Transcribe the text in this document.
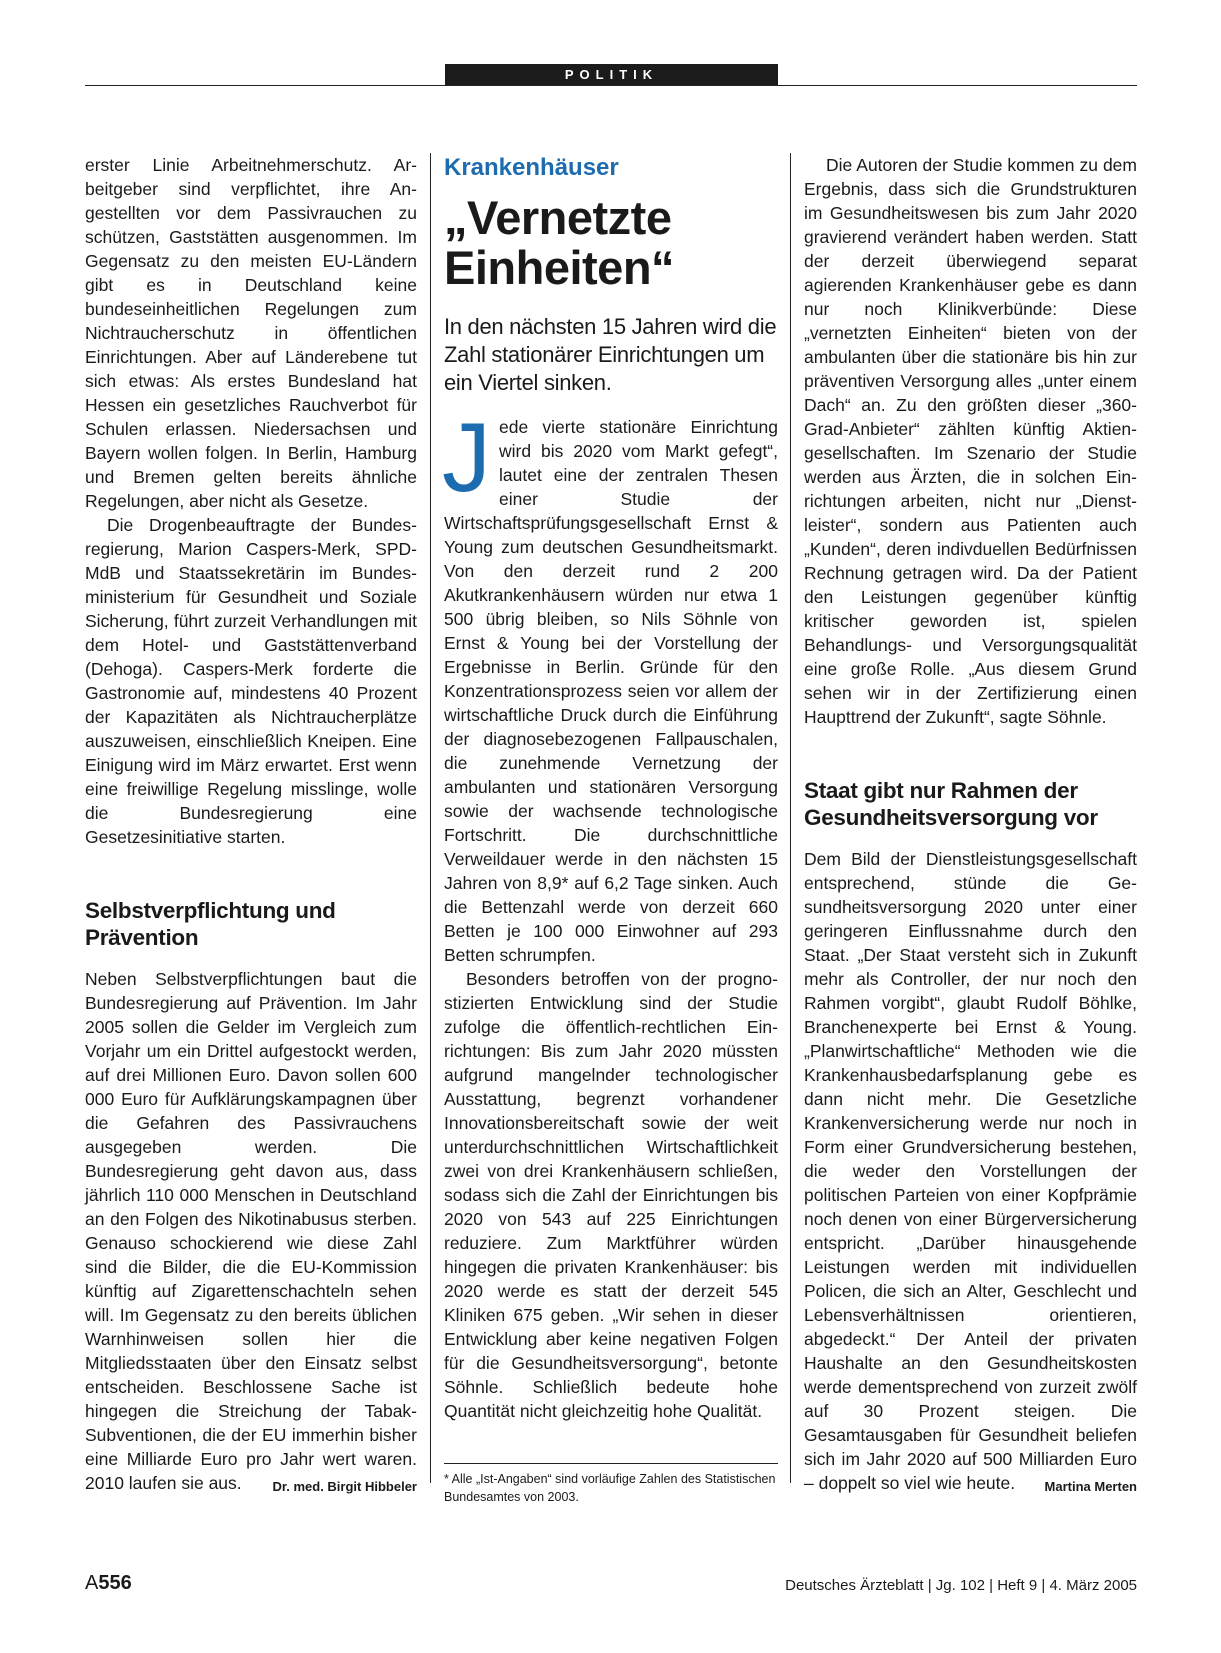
POLITIK

erster Linie Arbeitnehmerschutz. Arbeitgeber sind verpflichtet, ihre Angestellten vor dem Passivrauchen zu schützen, Gaststätten ausgenommen. Im Gegensatz zu den meisten EU-Ländern gibt es in Deutschland keine bundeseinheitlichen Regelungen zum Nichtraucherschutz in öffentlichen Einrichtungen. Aber auf Länderebene tut sich etwas: Als erstes Bundesland hat Hessen ein gesetzliches Rauchverbot für Schulen erlassen. Niedersachsen und Bayern wollen folgen. In Berlin, Hamburg und Bremen gelten bereits ähnliche Regelungen, aber nicht als Gesetze.

Die Drogenbeauftragte der Bundesregierung, Marion Caspers-Merk, SPD-MdB und Staatssekretärin im Bundesministerium für Gesundheit und Soziale Sicherung, führt zurzeit Verhandlungen mit dem Hotel- und Gaststättenverband (Dehoga). Caspers-Merk forderte die Gastronomie auf, mindestens 40 Prozent der Kapazitäten als Nichtraucherplätze auszuweisen, einschließlich Kneipen. Eine Einigung wird im März erwartet. Erst wenn eine freiwillige Regelung misslinge, wolle die Bundesregierung eine Gesetzesinitiative starten.

Selbstverpflichtung und Prävention

Neben Selbstverpflichtungen baut die Bundesregierung auf Prävention. Im Jahr 2005 sollen die Gelder im Vergleich zum Vorjahr um ein Drittel aufgestockt werden, auf drei Millionen Euro. Davon sollen 600 000 Euro für Aufklärungskampagnen über die Gefahren des Passivrauchens ausgegeben werden. Die Bundesregierung geht davon aus, dass jährlich 110 000 Menschen in Deutschland an den Folgen des Nikotinabusus sterben. Genauso schockierend wie diese Zahl sind die Bilder, die die EU-Kommission künftig auf Zigarettenschachteln sehen will. Im Gegensatz zu den bereits üblichen Warnhinweisen sollen hier die Mitgliedsstaaten über den Einsatz selbst entscheiden. Beschlossene Sache ist hingegen die Streichung der Tabak-Subventionen, die der EU immerhin bisher eine Milliarde Euro pro Jahr wert waren. 2010 laufen sie aus. Dr. med. Birgit Hibbeler

Krankenhäuser
„Vernetzte Einheiten“

In den nächsten 15 Jahren wird die Zahl stationärer Einrichtungen um ein Viertel sinken.

Jede vierte stationäre Einrichtung wird bis 2020 vom Markt gefegt“, lautet eine der zentralen Thesen einer Studie der Wirtschaftsprüfungsgesellschaft Ernst & Young zum deutschen Gesundheitsmarkt. Von den derzeit rund 2 200 Akutkrankenhäusern würden nur etwa 1 500 übrig bleiben, so Nils Söhnle von Ernst & Young bei der Vorstellung der Ergebnisse in Berlin. Gründe für den Konzentrationsprozess seien vor allem der wirtschaftliche Druck durch die Einführung der diagnosebezogenen Fallpauschalen, die zunehmende Vernetzung der ambulanten und stationären Versorgung sowie der wachsende technologische Fortschritt. Die durchschnittliche Verweildauer werde in den nächsten 15 Jahren von 8,9* auf 6,2 Tage sinken. Auch die Bettenzahl werde von derzeit 660 Betten je 100 000 Einwohner auf 293 Betten schrumpfen.

Besonders betroffen von der prognostizierten Entwicklung sind der Studie zufolge die öffentlich-rechtlichen Einrichtungen: Bis zum Jahr 2020 müssten aufgrund mangelnder technologischer Ausstattung, begrenzt vorhandener Innovationsbereitschaft sowie der weit unterdurchschnittlichen Wirtschaftlichkeit zwei von drei Krankenhäusern schließen, sodass sich die Zahl der Einrichtungen bis 2020 von 543 auf 225 Einrichtungen reduziere. Zum Marktführer würden hingegen die privaten Krankenhäuser: bis 2020 werde es statt der derzeit 545 Kliniken 675 geben. „Wir sehen in dieser Entwicklung aber keine negativen Folgen für die Gesundheitsversorgung“, betonte Söhnle. Schließlich bedeute hohe Quantität nicht gleichzeitig hohe Qualität.

* Alle „Ist-Angaben“ sind vorläufige Zahlen des Statistischen Bundesamtes von 2003.

Die Autoren der Studie kommen zu dem Ergebnis, dass sich die Grundstrukturen im Gesundheitswesen bis zum Jahr 2020 gravierend verändert haben werden. Statt der derzeit überwiegend separat agierenden Krankenhäuser gebe es dann nur noch Klinikverbünde: Diese „vernetzten Einheiten“ bieten von der ambulanten über die stationäre bis hin zur präventiven Versorgung alles „unter einem Dach“ an. Zu den größten dieser „360-Grad-Anbieter“ zählten künftig Aktiengesellschaften. Im Szenario der Studie werden aus Ärzten, die in solchen Einrichtungen arbeiten, nicht nur „Dienstleister“, sondern aus Patienten auch „Kunden“, deren indivduellen Bedürfnissen Rechnung getragen wird. Da der Patient den Leistungen gegenüber künftig kritischer geworden ist, spielen Behandlungs- und Versorgungsqualität eine große Rolle. „Aus diesem Grund sehen wir in der Zertifizierung einen Haupttrend der Zukunft“, sagte Söhnle.

Staat gibt nur Rahmen der Gesundheitsversorgung vor

Dem Bild der Dienstleistungsgesellschaft entsprechend, stünde die Gesundheitsversorgung 2020 unter einer geringeren Einflussnahme durch den Staat. „Der Staat versteht sich in Zukunft mehr als Controller, der nur noch den Rahmen vorgibt“, glaubt Rudolf Böhlke, Branchenexperte bei Ernst & Young. „Planwirtschaftliche“ Methoden wie die Krankenhausbedarfsplanung gebe es dann nicht mehr. Die Gesetzliche Krankenversicherung werde nur noch in Form einer Grundversicherung bestehen, die weder den Vorstellungen der politischen Parteien von einer Kopfprämie noch denen von einer Bürgerversicherung entspricht. „Darüber hinausgehende Leistungen werden mit individuellen Policen, die sich an Alter, Geschlecht und Lebensverhältnissen orientieren, abgedeckt.“ Der Anteil der privaten Haushalte an den Gesundheitskosten werde dementsprechend von zurzeit zwölf auf 30 Prozent steigen. Die Gesamtausgaben für Gesundheit beliefen sich im Jahr 2020 auf 500 Milliarden Euro – doppelt so viel wie heute. Martina Merten

A556	Deutsches Ärzteblatt | Jg. 102 | Heft 9 | 4. März 2005
